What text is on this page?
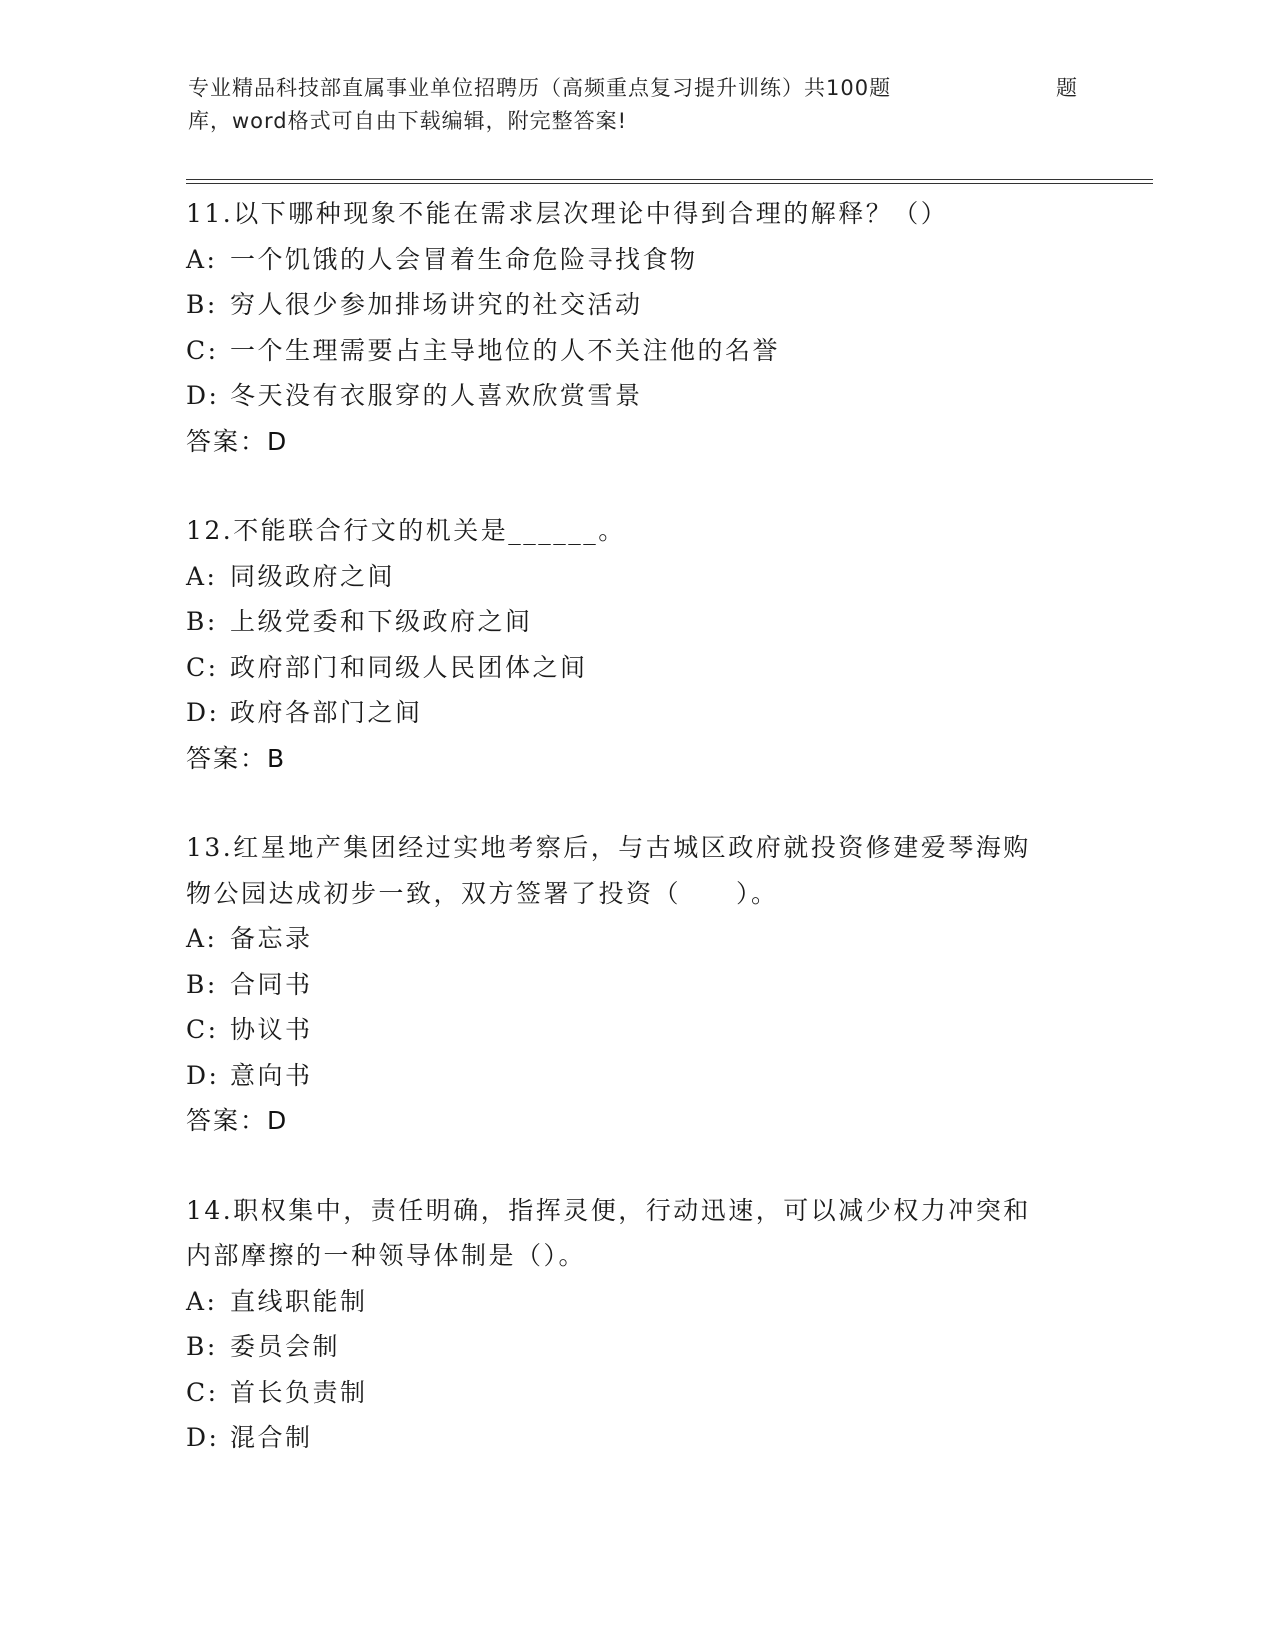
专业精品科技部直属事业单位招聘历（高频重点复习提升训练）共100题	题
库，word格式可自由下载编辑，附完整答案!
11.以下哪种现象不能在需求层次理论中得到合理的解释？（）
A: 一个饥饿的人会冒着生命危险寻找食物
B: 穷人很少参加排场讲究的社交活动
C: 一个生理需要占主导地位的人不关注他的名誉
D: 冬天没有衣服穿的人喜欢欣赏雪景
答案：D
12.不能联合行文的机关是______。
A: 同级政府之间
B: 上级党委和下级政府之间
C: 政府部门和同级人民团体之间
D: 政府各部门之间
答案：B
13.红星地产集团经过实地考察后，与古城区政府就投资修建爱琴海购
物公园达成初步一致，双方签署了投资（　　）。
A: 备忘录
B: 合同书
C: 协议书
D: 意向书
答案：D
14.职权集中，责任明确，指挥灵便，行动迅速，可以减少权力冲突和
内部摩擦的一种领导体制是（）。
A: 直线职能制
B: 委员会制
C: 首长负责制
D: 混合制
